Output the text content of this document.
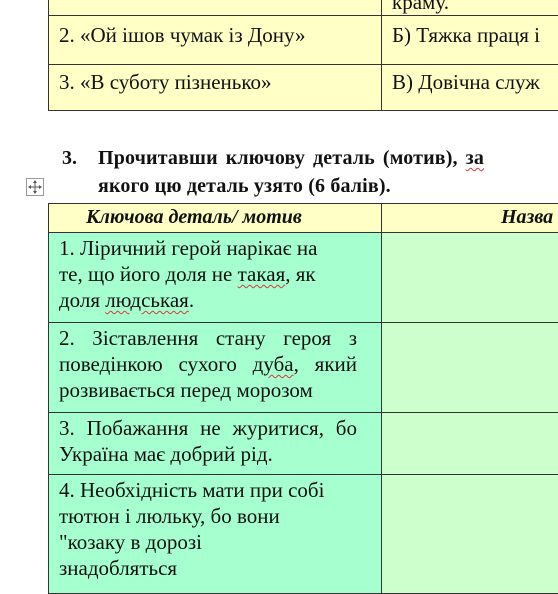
краму.
2. «Ой ішов чумак із Дону»	Б) Тяжка праця і
3. «В суботу пізненько»	В) Довічна служ
3. Прочитавши ключову деталь (мотив), за
якого цю деталь узято (6 балів).
Ключова деталь/ мотив	Назва
1. Ліричний герой нарікає на
те, що його доля не такая, як
доля людськая.
2. Зіставлення стану героя з
поведінкою сухого дуба, який
розвивається перед морозом
3. Побажання не журитися, бо
Україна має добрий рід.
4. Необхідність мати при собі
тютюн і люльку, бо вони
"козаку в дорозі
знадобляться
